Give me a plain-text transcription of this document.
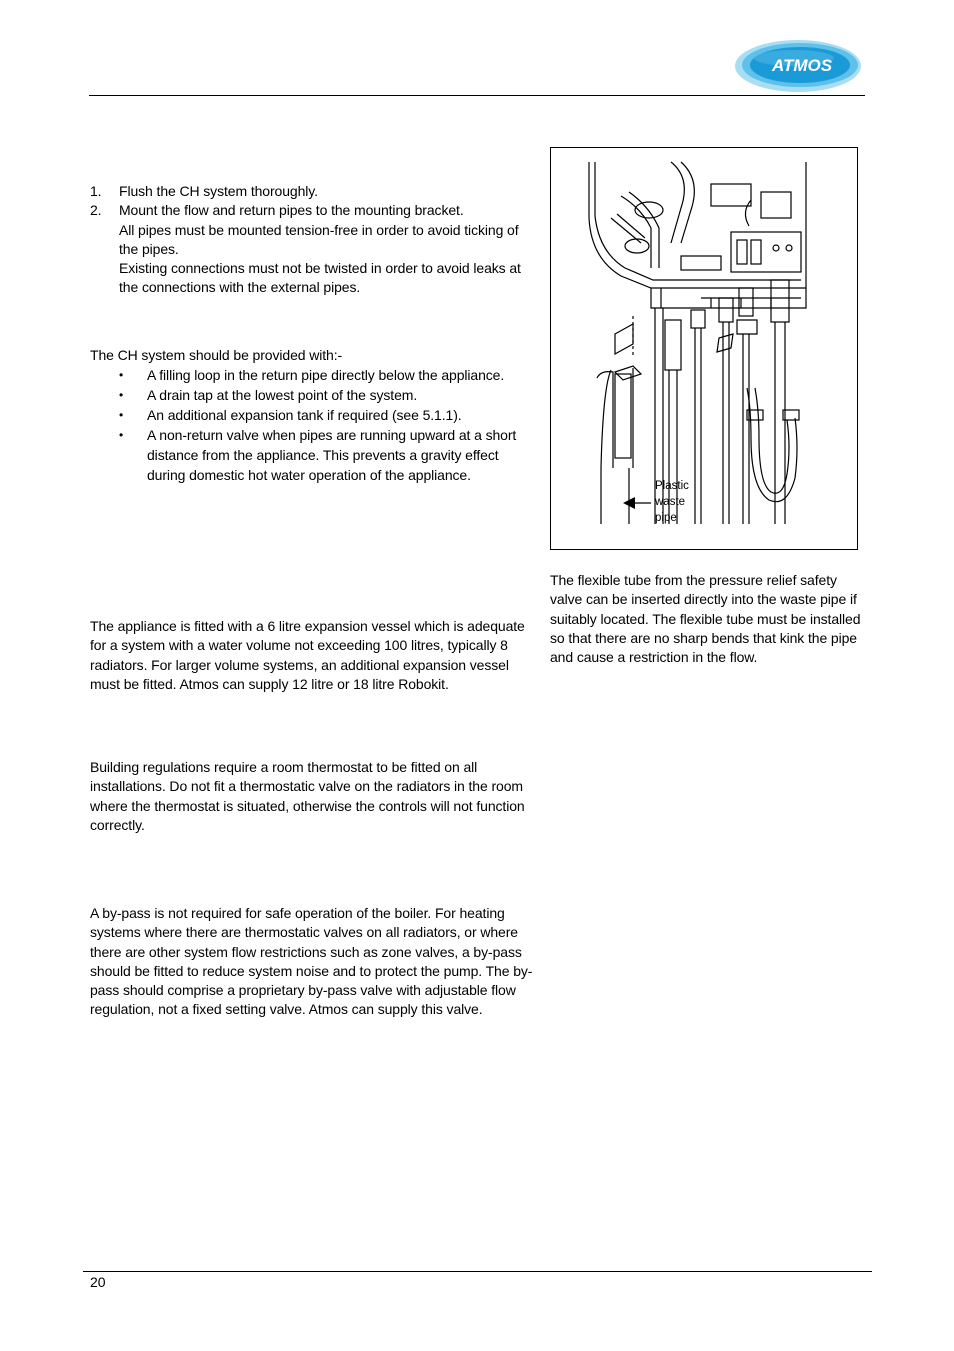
ATMOS
1. Flush the CH system thoroughly.
2. Mount the flow and return pipes to the mounting bracket.
All pipes must be mounted tension-free in order to avoid ticking of the pipes.
Existing connections must not be twisted in order to avoid leaks at the connections with the external pipes.
The CH system should be provided with:-
• A filling loop in the return pipe directly below the appliance.
• A drain tap at the lowest point of the system.
• An additional expansion tank if required (see 5.1.1).
• A non-return valve when pipes are running upward at a short distance from the appliance. This prevents a gravity effect during domestic hot water operation of the appliance.

The appliance is fitted with a 6 litre expansion vessel which is adequate for a system with a water volume not exceeding 100 litres, typically 8 radiators. For larger volume systems, an additional expansion vessel must be fitted. Atmos can supply 12 litre or 18 litre Robokit.

Building regulations require a room thermostat to be fitted on all installations. Do not fit a thermostatic valve on the radiators in the room where the thermostat is situated, otherwise the controls will not function correctly.

A by-pass is not required for safe operation of the boiler. For heating systems where there are thermostatic valves on all radiators, or where there are other system flow restrictions such as zone valves, a by-pass should be fitted to reduce system noise and to protect the pump. The by-pass should comprise a proprietary by-pass valve with adjustable flow regulation, not a fixed setting valve. Atmos can supply this valve.

Plastic
waste
pipe

The flexible tube from the pressure relief safety valve can be inserted directly into the waste pipe if suitably located. The flexible tube must be installed so that there are no sharp bends that kink the pipe and cause a restriction in the flow.

20
